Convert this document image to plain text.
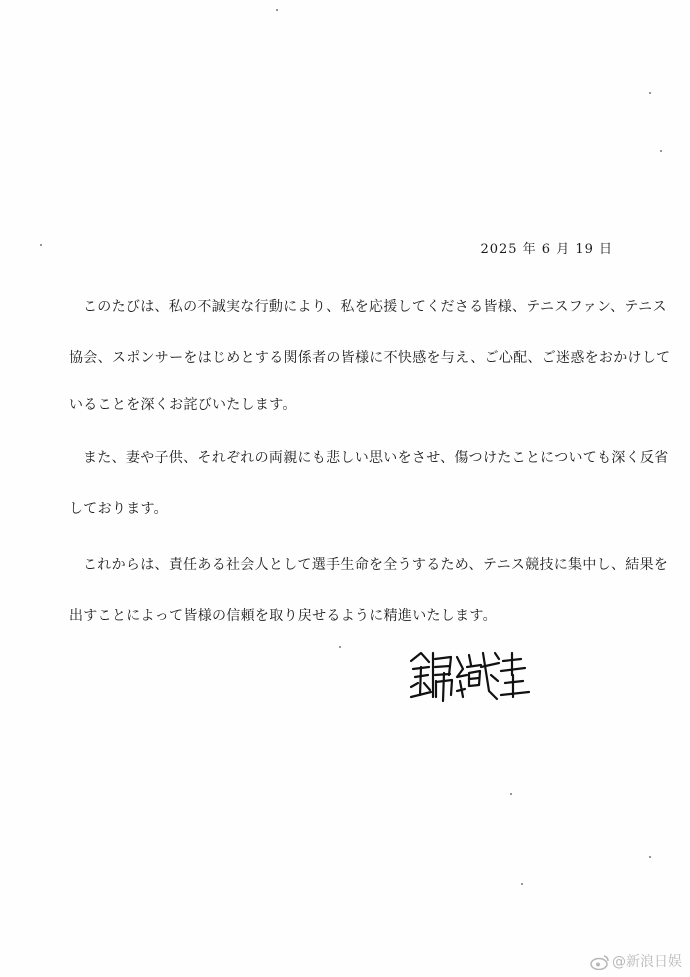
2025 年 6 月 19 日
このたびは、私の不誠実な行動により、私を応援してくださる皆様、テニスファン、テニス
協会、スポンサーをはじめとする関係者の皆様に不快感を与え、ご心配、ご迷惑をおかけして
いることを深くお詫びいたします。
また、妻や子供、それぞれの両親にも悲しい思いをさせ、傷つけたことについても深く反省
しております。
これからは、責任ある社会人として選手生命を全うするため、テニス競技に集中し、結果を
出すことによって皆様の信頼を取り戻せるように精進いたします。
@新浪日娱
